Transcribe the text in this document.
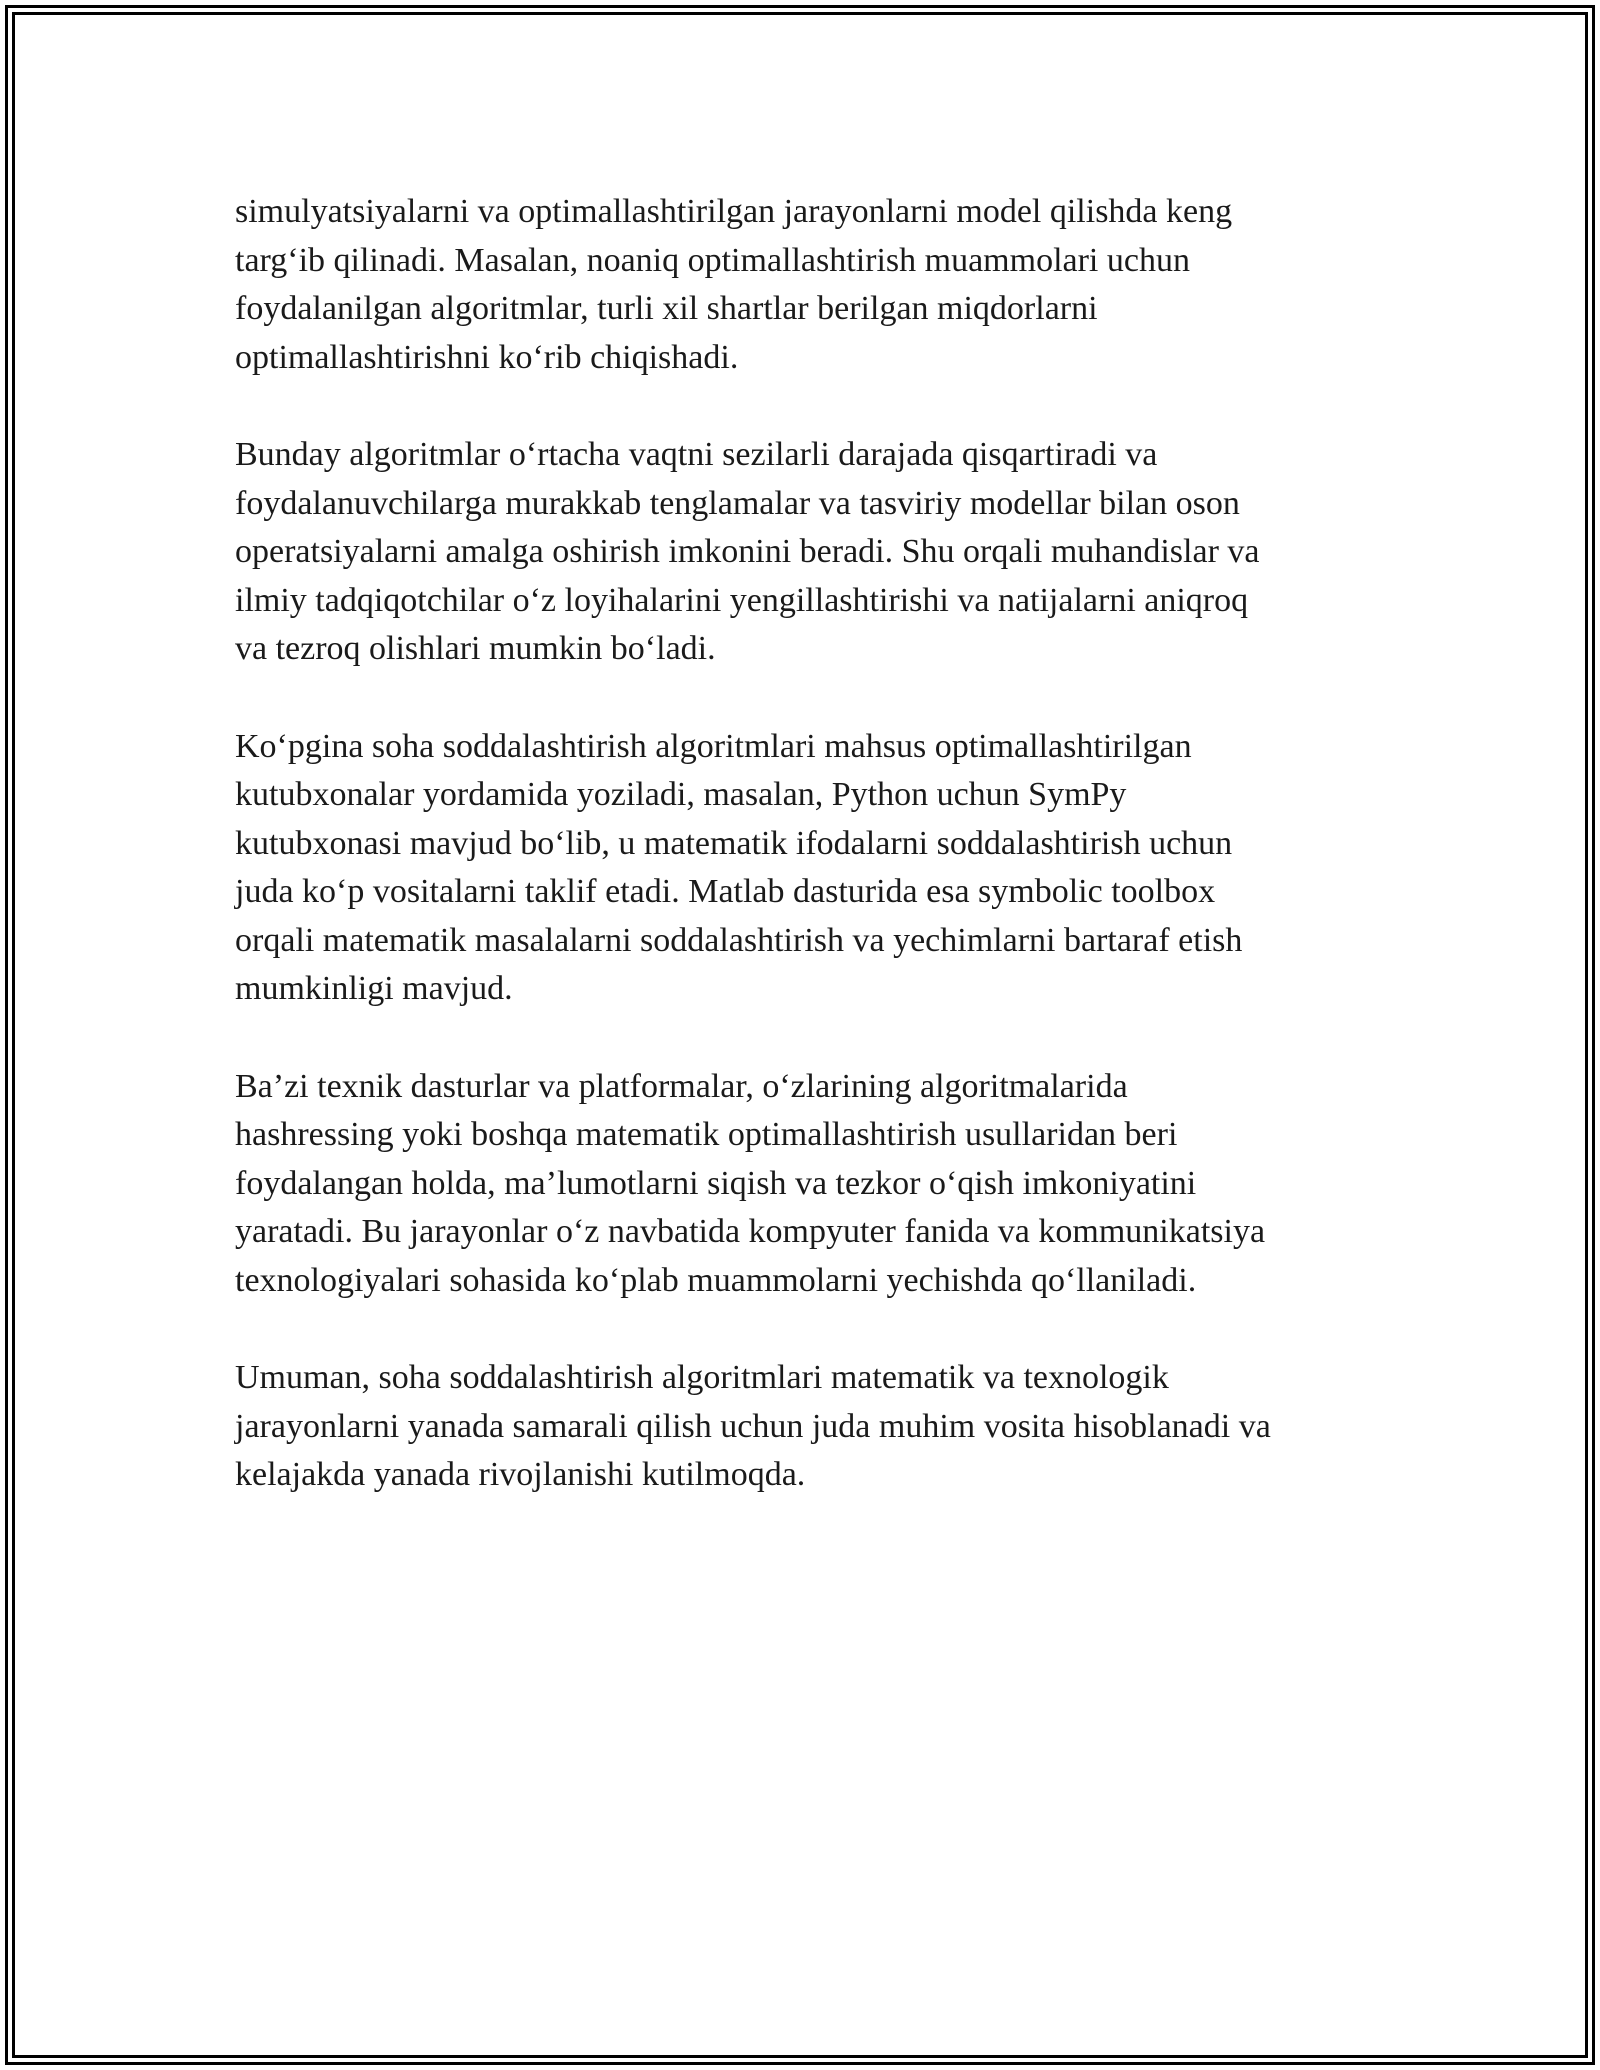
simulyatsiyalarni va optimallashtirilgan jarayonlarni model qilishda keng
targ‘ib qilinadi. Masalan, noaniq optimallashtirish muammolari uchun
foydalanilgan algoritmlar, turli xil shartlar berilgan miqdorlarni
optimallashtirishni ko‘rib chiqishadi.

Bunday algoritmlar o‘rtacha vaqtni sezilarli darajada qisqartiradi va
foydalanuvchilarga murakkab tenglamalar va tasviriy modellar bilan oson
operatsiyalarni amalga oshirish imkonini beradi. Shu orqali muhandislar va
ilmiy tadqiqotchilar o‘z loyihalarini yengillashtirishi va natijalarni aniqroq
va tezroq olishlari mumkin bo‘ladi.

Ko‘pgina soha soddalashtirish algoritmlari mahsus optimallashtirilgan
kutubxonalar yordamida yoziladi, masalan, Python uchun SymPy
kutubxonasi mavjud bo‘lib, u matematik ifodalarni soddalashtirish uchun
juda ko‘p vositalarni taklif etadi. Matlab dasturida esa symbolic toolbox
orqali matematik masalalarni soddalashtirish va yechimlarni bartaraf etish
mumkinligi mavjud.

Ba’zi texnik dasturlar va platformalar, o‘zlarining algoritmalarida
hashressing yoki boshqa matematik optimallashtirish usullaridan beri
foydalangan holda, ma’lumotlarni siqish va tezkor o‘qish imkoniyatini
yaratadi. Bu jarayonlar o‘z navbatida kompyuter fanida va kommunikatsiya
texnologiyalari sohasida ko‘plab muammolarni yechishda qo‘llaniladi.

Umuman, soha soddalashtirish algoritmlari matematik va texnologik
jarayonlarni yanada samarali qilish uchun juda muhim vosita hisoblanadi va
kelajakda yanada rivojlanishi kutilmoqda.
